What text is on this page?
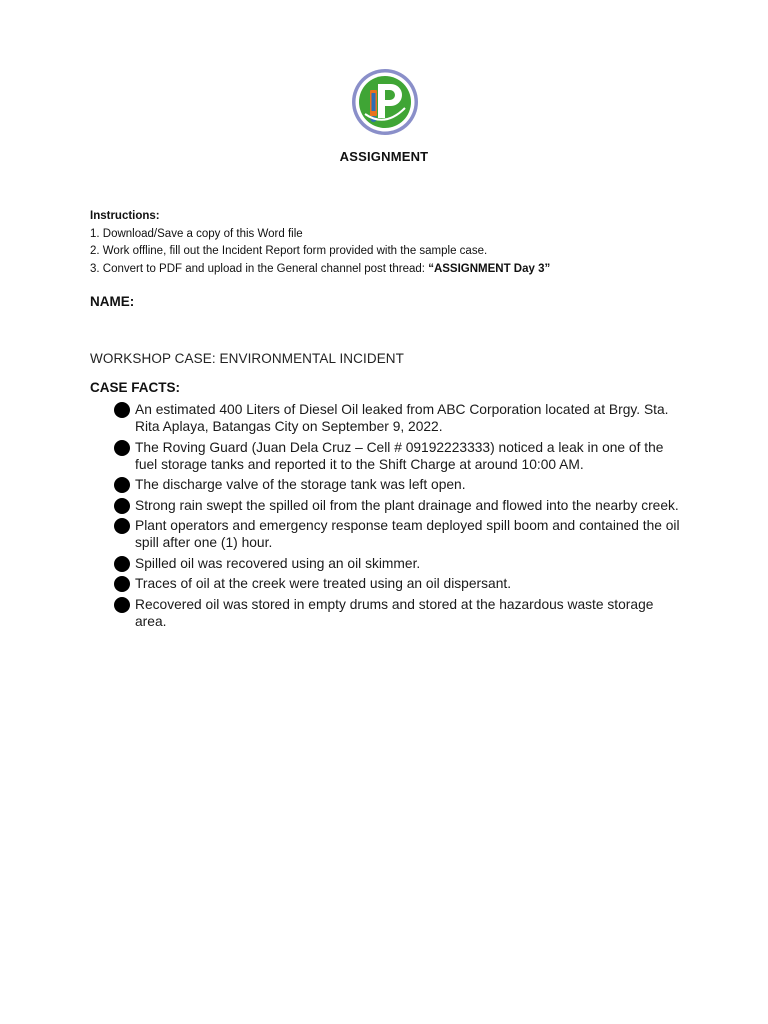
ASSIGNMENT
Instructions:
1. Download/Save a copy of this Word file
2. Work offline, fill out the Incident Report form provided with the sample case.
3. Convert to PDF and upload in the General channel post thread: “ASSIGNMENT Day 3”
NAME:
WORKSHOP CASE: ENVIRONMENTAL INCIDENT
CASE FACTS:
An estimated 400 Liters of Diesel Oil leaked from ABC Corporation located at Brgy. Sta. Rita Aplaya, Batangas City on September 9, 2022.
The Roving Guard (Juan Dela Cruz – Cell # 09192223333) noticed a leak in one of the fuel storage tanks and reported it to the Shift Charge at around 10:00 AM.
The discharge valve of the storage tank was left open.
Strong rain swept the spilled oil from the plant drainage and flowed into the nearby creek.
Plant operators and emergency response team deployed spill boom and contained the oil spill after one (1) hour.
Spilled oil was recovered using an oil skimmer.
Traces of oil at the creek were treated using an oil dispersant.
Recovered oil was stored in empty drums and stored at the hazardous waste storage area.
